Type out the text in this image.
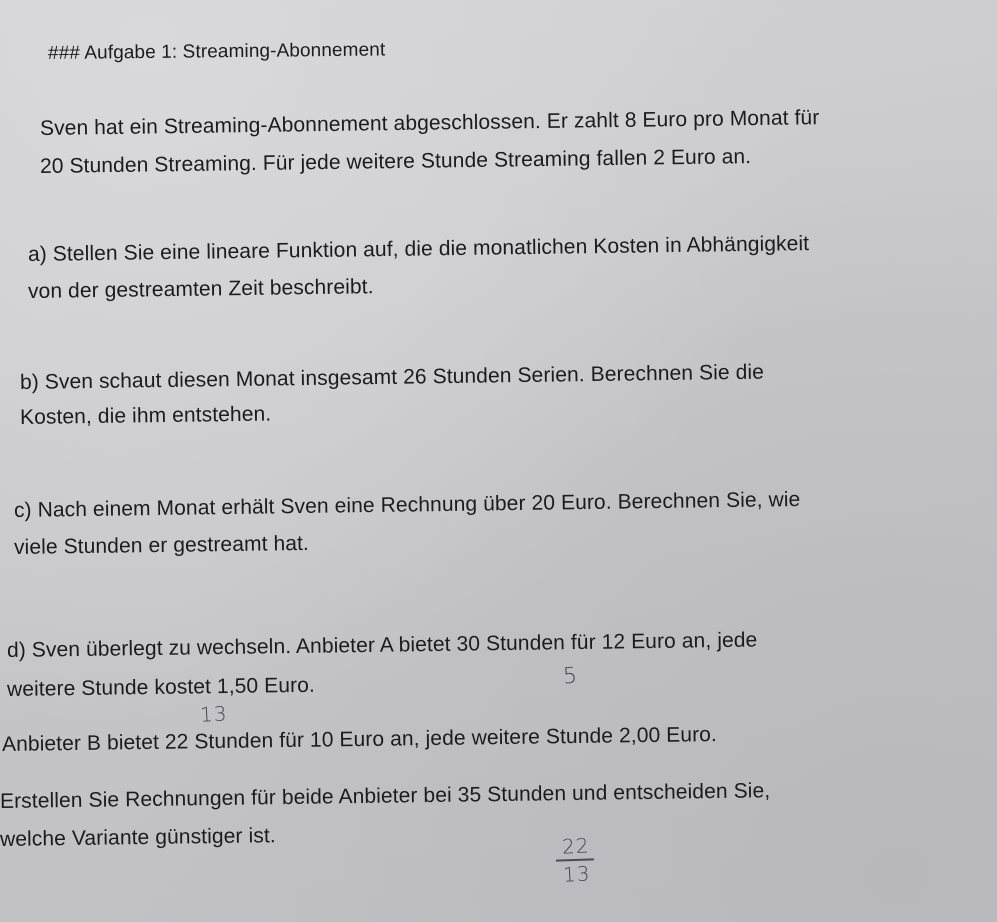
### Aufgabe 1: Streaming-Abonnement
Sven hat ein Streaming-Abonnement abgeschlossen. Er zahlt 8 Euro pro Monat für
20 Stunden Streaming. Für jede weitere Stunde Streaming fallen 2 Euro an.
a) Stellen Sie eine lineare Funktion auf, die die monatlichen Kosten in Abhängigkeit
von der gestreamten Zeit beschreibt.
b) Sven schaut diesen Monat insgesamt 26 Stunden Serien. Berechnen Sie die
Kosten, die ihm entstehen.
c) Nach einem Monat erhält Sven eine Rechnung über 20 Euro. Berechnen Sie, wie
viele Stunden er gestreamt hat.
d) Sven überlegt zu wechseln. Anbieter A bietet 30 Stunden für 12 Euro an, jede
weitere Stunde kostet 1,50 Euro.
Anbieter B bietet 22 Stunden für 10 Euro an, jede weitere Stunde 2,00 Euro.
Erstellen Sie Rechnungen für beide Anbieter bei 35 Stunden und entscheiden Sie,
welche Variante günstiger ist.
5
13
22
13
